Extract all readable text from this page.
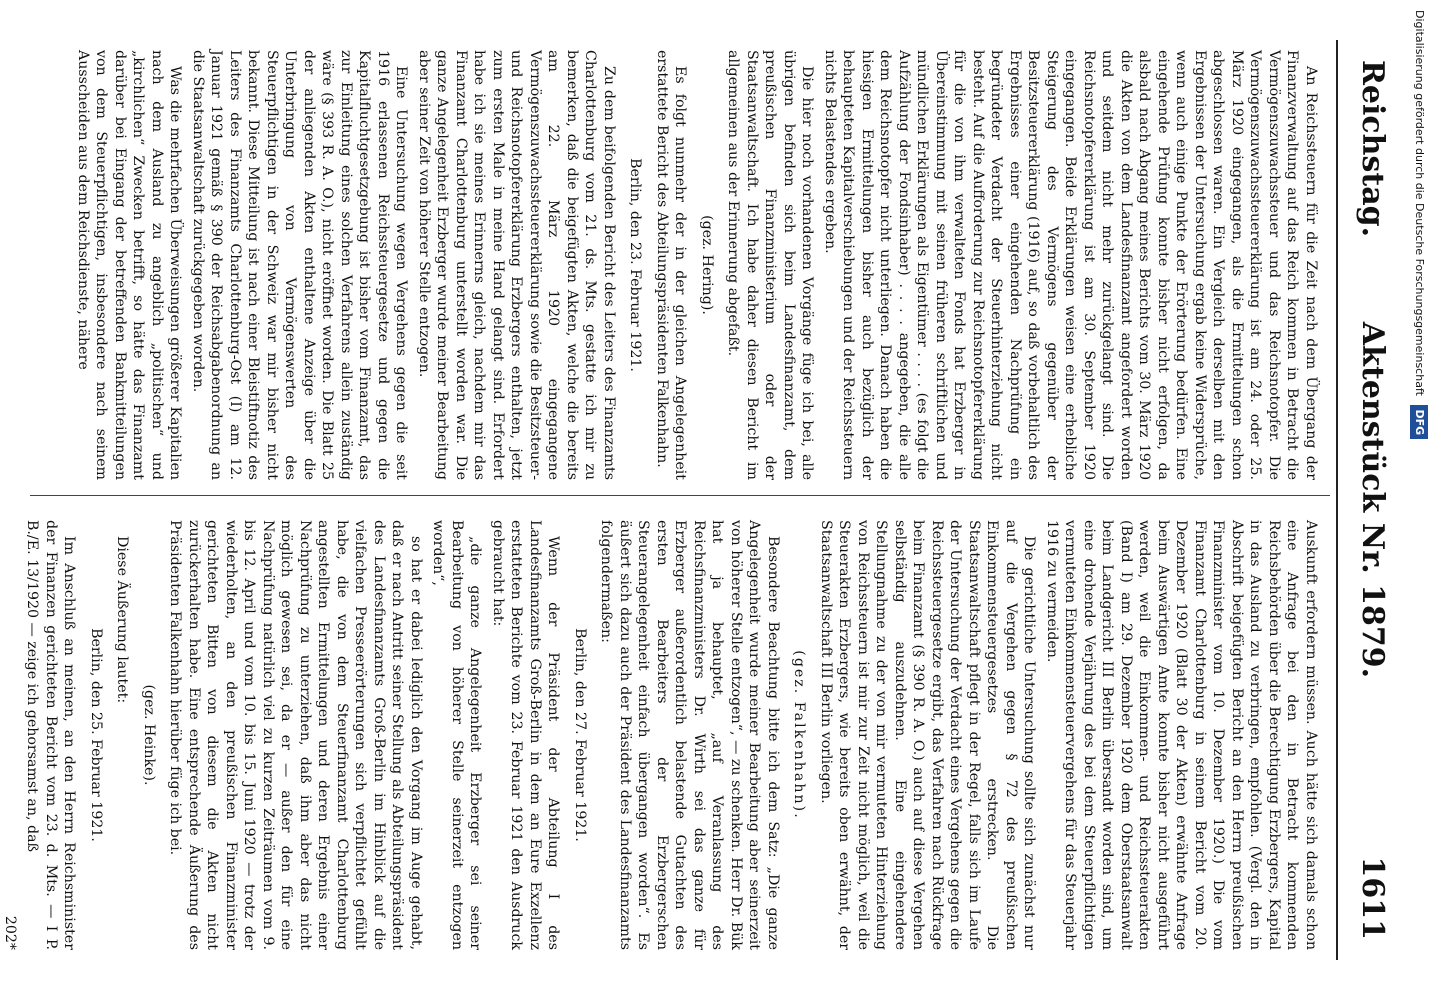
Reichstag.
Aktenstück Nr. 1879.
1611

An Reichssteuern für die Zeit nach dem Übergang der Finanzverwaltung auf das Reich kommen in Betracht die Vermögenszuwachssteuer und das Reichsnotopfer. Die Vermögenszuwachssteuererklärung ist am 24. oder 25. März 1920 eingegangen, als die Ermittelungen schon abgeschlossen waren. Ein Vergleich derselben mit den Ergebnissen der Untersuchung ergab keine Widersprüche, wenn auch einige Punkte der Erörterung bedürfen. Eine eingehende Prüfung konnte bisher nicht erfolgen, da alsbald nach Abgang meines Berichts vom 30. März 1920 die Akten von dem Landesfinanzamt angefordert worden und seitdem nicht mehr zurückgelangt sind. Die Reichsnotopfererklärung ist am 30. September 1920 eingegangen. Beide Erklärungen weisen eine erhebliche Steigerung des Vermögens gegenüber der Besitzsteuererklärung (1916) auf, so daß vorbehaltlich des Ergebnisses einer eingehenden Nachprüfung ein begründeter Verdacht der Steuerhinterziehung nicht besteht. Auf die Aufforderung zur Reichsnotopfererklärung für die von ihm verwalteten Fonds hat Erzberger in Übereinstimmung mit seinen früheren schriftlichen und mündlichen Erklärungen als Eigentümer . . . . (es folgt die Aufzählung der Fondsinhaber) . . . . angegeben, die alle dem Reichsnotopfer nicht unterliegen. Danach haben die hiesigen Ermittelungen bisher auch bezüglich der behaupteten Kapitalverschiebungen und der Reichssteuern nichts Belastendes ergeben.

Die hier noch vorhandenen Vorgänge füge ich bei, alle übrigen befinden sich beim Landesfinanzamt, dem preußischen Finanzministerium oder der Staatsanwaltschaft. Ich habe daher diesen Bericht im allgemeinen aus der Erinnerung abgefaßt.

(gez. Hering).

Es folgt nunmehr der in der gleichen Angelegenheit erstattete Bericht des Abteilungspräsidenten Falkenhahn.

Berlin, den 23. Februar 1921.

Zu dem beifolgenden Bericht des Leiters des Finanzamts Charlottenburg vom 21. ds. Mts. gestatte ich mir zu bemerken, daß die beigefügten Akten, welche die bereits am 22. März 1920 eingegangene Vermögenszuwachssteuererklärung sowie die Besitzsteuer- und Reichsnotopfererklärung Erzbergers enthalten, jetzt zum ersten Male in meine Hand gelangt sind. Erfordert habe ich sie meines Erinnerns gleich, nachdem mir das Finanzamt Charlottenburg unterstellt worden war. Die ganze Angelegenheit Erzberger wurde meiner Bearbeitung aber seiner Zeit von höherer Stelle entzogen.

Eine Untersuchung wegen Vergehens gegen die seit 1916 erlassenen Reichssteuergesetze und gegen die Kapitalfluchtgesetzgebung ist bisher vom Finanzamt, das zur Einleitung eines solchen Verfahrens allein zuständig wäre (§ 393 R. A. O.), nicht eröffnet worden. Die Blatt 25 der anliegenden Akten enthaltene Anzeige über die Unterbringung von Vermögenswerten des Steuerpflichtigen in der Schweiz war mir bisher nicht bekannt. Diese Mitteilung ist nach einer Bleistiftnotiz des Leiters des Finanzamts Charlottenburg-Ost (I) am 12. Januar 1921 gemäß § 390 der Reichsabgabenordnung an die Staatsanwaltschaft zurückgegeben worden.

Was die mehrfachen Überweisungen größerer Kapitalien nach dem Ausland zu angeblich „politischen“ und „kirchlichen“ Zwecken betrifft, so hätte das Finanzamt darüber bei Eingang der betreffenden Bankmitteilungen von dem Steuerpflichtigen, insbesondere nach seinem Ausscheiden aus dem Reichsdienste, nähere

Auskunft erfordern müssen. Auch hätte sich damals schon eine Anfrage bei den in Betracht kommenden Reichsbehörden über die Berechtigung Erzbergers, Kapital in das Ausland zu verbringen, empfohlen. (Vergl. den in Abschrift beigefügten Bericht an den Herrn preußischen Finanzminister vom 10. Dezember 1920.) Die vom Finanzamt Charlottenburg in seinem Bericht vom 20. Dezember 1920 (Blatt 30 der Akten) erwähnte Anfrage beim Auswärtigen Amte konnte bisher nicht ausgeführt werden, weil die Einkommen- und Reichssteuerakten (Band I) am 29. Dezember 1920 dem Oberstaatsanwalt beim Landgericht III Berlin übersandt worden sind, um eine drohende Verjährung des bei dem Steuerpflichtigen vermuteten Einkommensteuervergehens für das Steuerjahr 1916 zu vermeiden.

Die gerichtliche Untersuchung sollte sich zunächst nur auf die Vergehen gegen § 72 des preußischen Einkommensteuergesetzes erstrecken. Die Staatsanwaltschaft pflegt in der Regel, falls sich im Laufe der Untersuchung der Verdacht eines Vergehens gegen die Reichssteuergesetze ergibt, das Verfahren nach Rückfrage beim Finanzamt (§ 390 R. A. O.) auch auf diese Vergehen selbständig auszudehnen. Eine eingehendere Stellungnahme zu der von mir vermuteten Hinterziehung von Reichssteuern ist mir zur Zeit nicht möglich, weil die Steuerakten Erzbergers, wie bereits oben erwähnt, der Staatsanwaltschaft III Berlin vorliegen.

(gez. Falkenhahn).

Besondere Beachtung bitte ich dem Satz: „Die ganze Angelegenheit wurde meiner Bearbeitung aber seinerzeit von höherer Stelle entzogen“, — zu schenken. Herr Dr. Bük hat ja behauptet, „auf Veranlassung des Reichsfinanzministers Dr. Wirth sei das ganze für Erzberger außerordentlich belastende Gutachten des ersten Bearbeiters der Erzbergerschen Steuerangelegenheit einfach übergangen worden“. Es äußert sich dazu auch der Präsident des Landesfinanzamts folgendermaßen:

Berlin, den 27. Februar 1921.

Wenn der Präsident der Abteilung I des Landesfinanzamts Groß-Berlin in dem an Eure Exzellenz erstatteten Berichte vom 23. Februar 1921 den Ausdruck gebraucht hat:

„die ganze Angelegenheit Erzberger sei seiner Bearbeitung von höherer Stelle seinerzeit entzogen worden“,

so hat er dabei lediglich den Vorgang im Auge gehabt, daß er nach Antritt seiner Stellung als Abteilungspräsident des Landesfinanzamts Groß-Berlin im Hinblick auf die vielfachen Presseerörterungen sich verpflichtet gefühlt habe, die von dem Steuerfinanzamt Charlottenburg angestellten Ermittelungen und deren Ergebnis einer Nachprüfung zu unterziehen, daß ihm aber das nicht möglich gewesen sei, da er — außer den für eine Nachprüfung natürlich viel zu kurzen Zeiträumen vom 9. bis 12. April und vom 10. bis 15. Juni 1920 — trotz der wiederholten, an den preußischen Finanzminister gerichteten Bitten von diesem die Akten nicht zurückerhalten habe. Eine entsprechende Äußerung des Präsidenten Falkenhahn hierüber füge ich bei.

(gez. Heinke).

Diese Äußerung lautet:

Berlin, den 25. Februar 1921.

Im Anschluß an meinen, an den Herrn Reichsminister der Finanzen gerichteten Bericht vom 23. d. Mts. — I P. B./E. 13/1920 — zeige ich gehorsamst an, daß

202*

Digitalisierung gefördert durch die Deutsche Forschungsgemeinschaft DFG
